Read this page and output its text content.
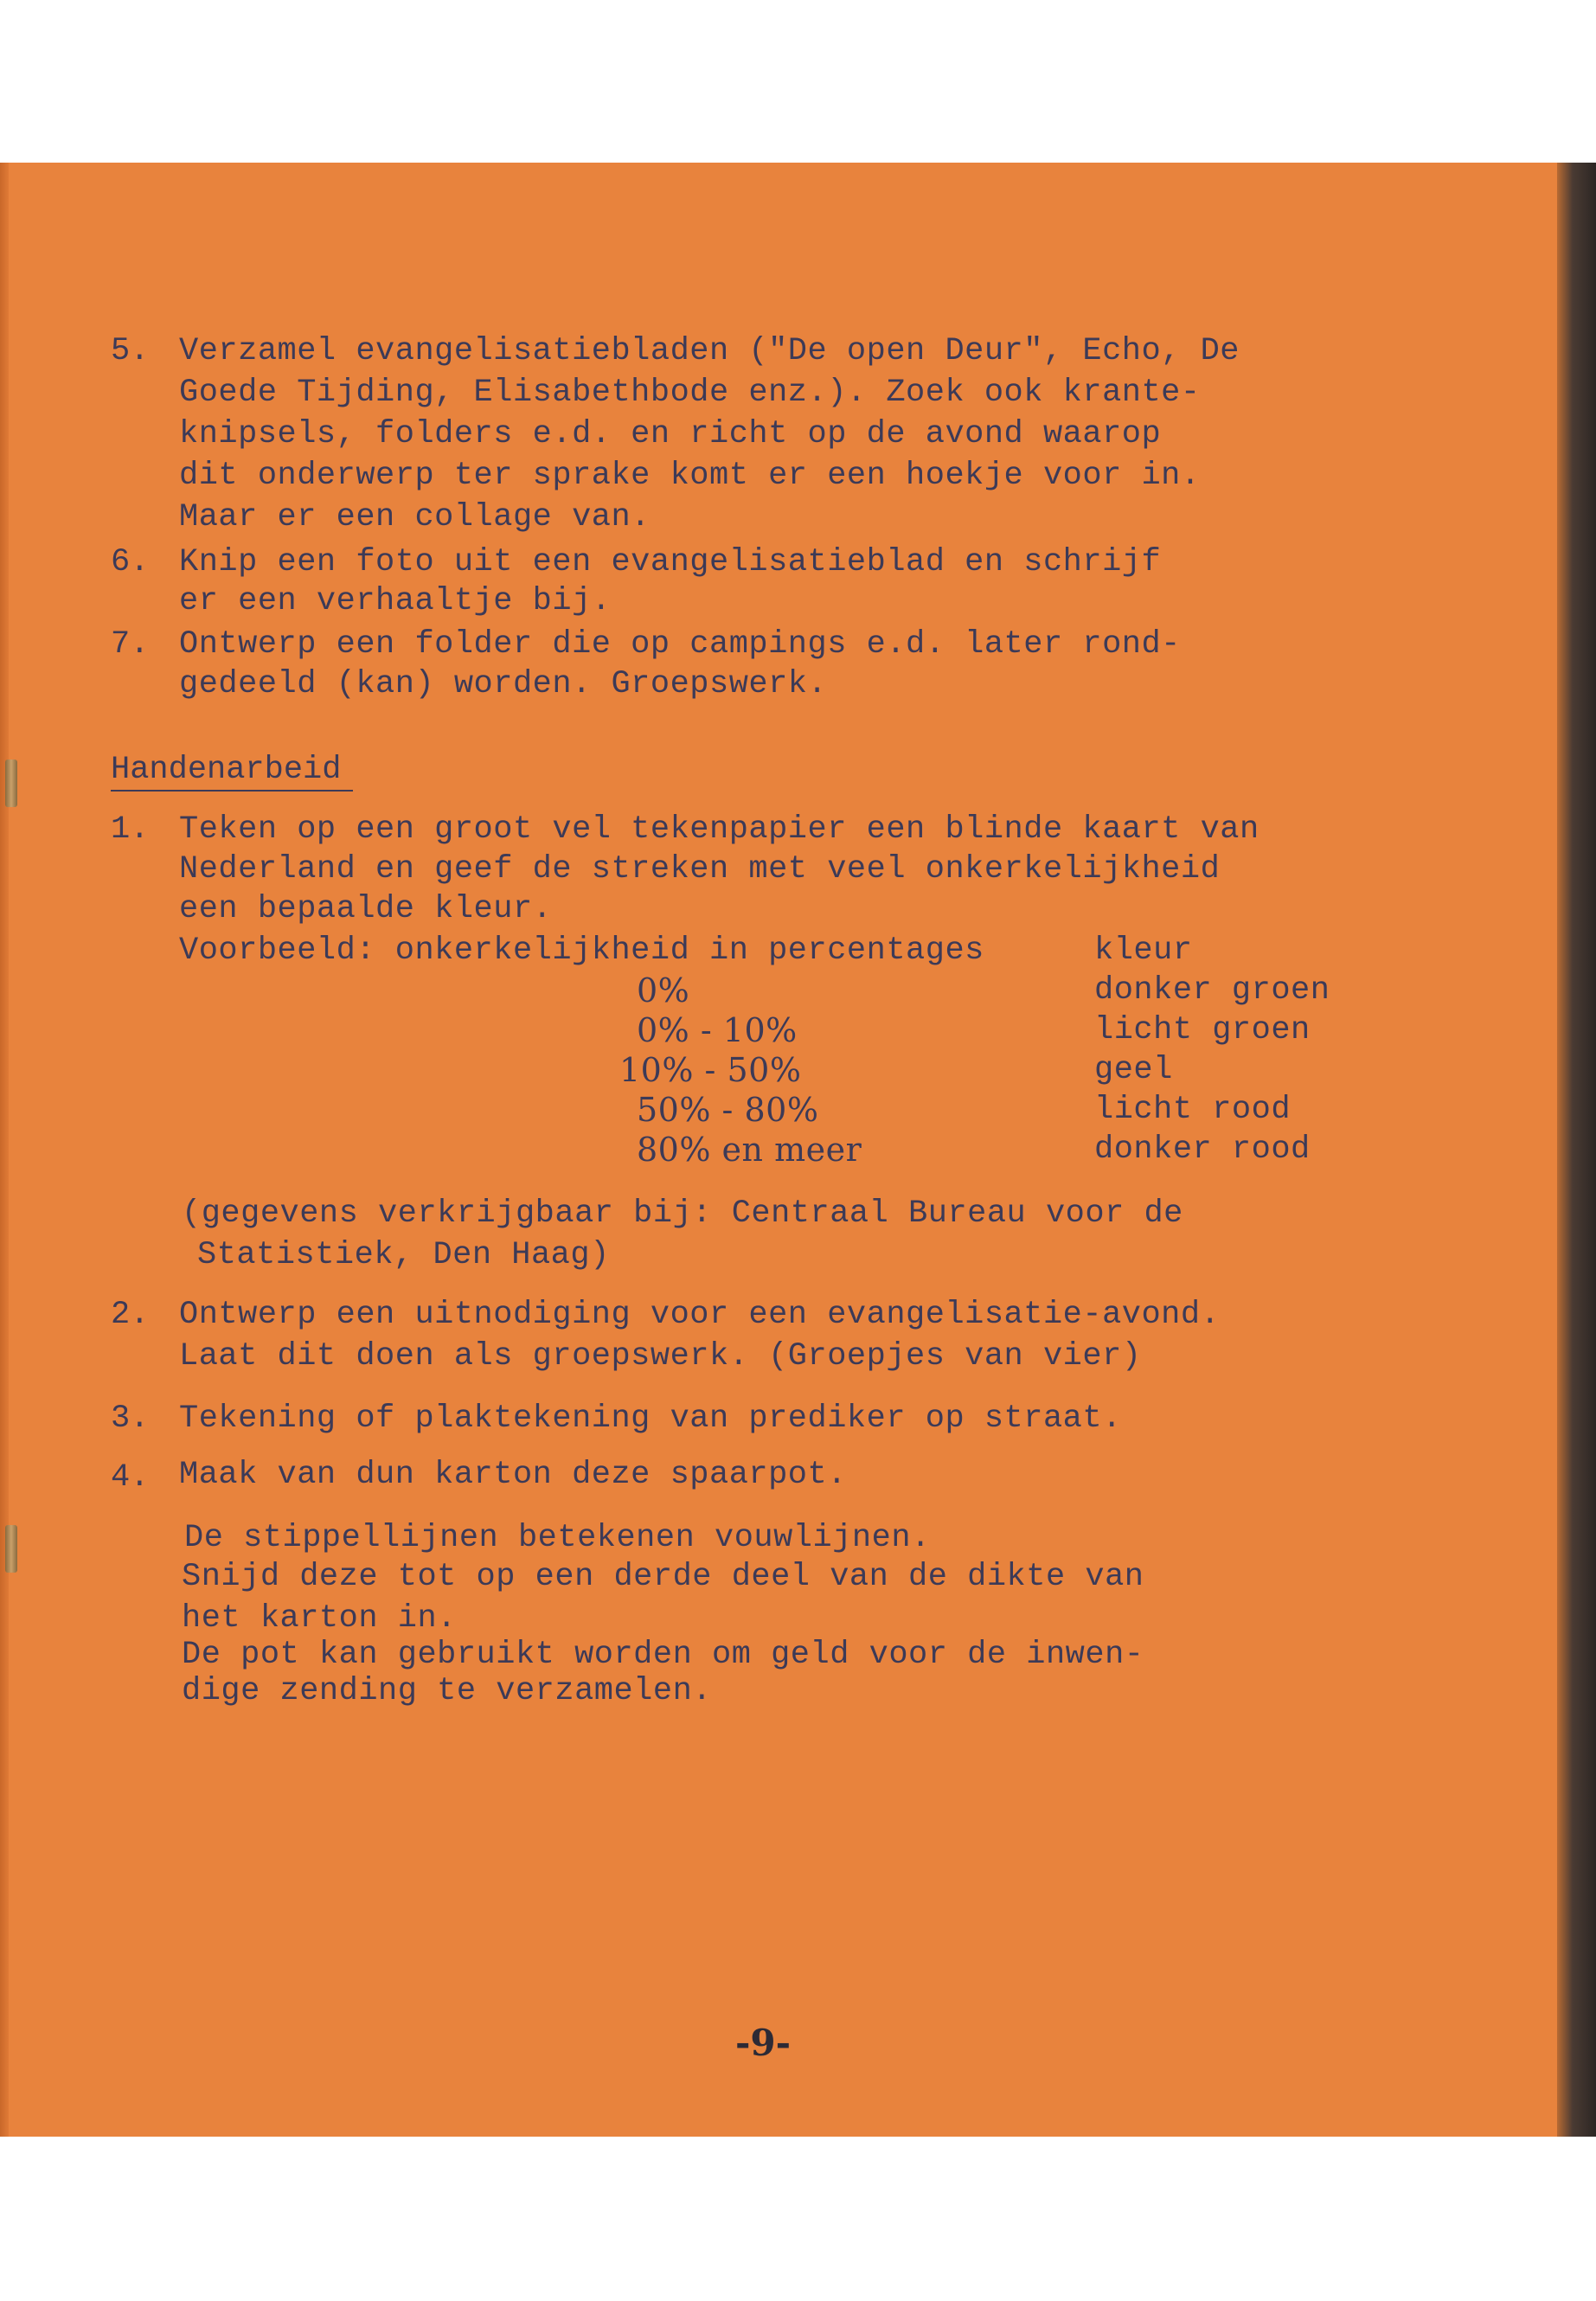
5. Verzamel evangelisatiebladen ("De open Deur", Echo, De
Goede Tijding, Elisabethbode enz.). Zoek ook krante-
knipsels, folders e.d. en richt op de avond waarop
dit onderwerp ter sprake komt er een hoekje voor in.
Maar er een collage van.
6. Knip een foto uit een evangelisatieblad en schrijf
er een verhaaltje bij.
7. Ontwerp een folder die op campings e.d. later rond-
gedeeld (kan) worden. Groepswerk.
Handenarbeid
1. Teken op een groot vel tekenpapier een blinde kaart van
Nederland en geef de streken met veel onkerkelijkheid
een bepaalde kleur.
Voorbeeld: onkerkelijkheid in percentages	kleur
0%	donker groen
0% - 10%	licht groen
10% - 50%	geel
50% - 80%	licht rood
80% en meer	donker rood
(gegevens verkrijgbaar bij: Centraal Bureau voor de
Statistiek, Den Haag)
2. Ontwerp een uitnodiging voor een evangelisatie-avond.
Laat dit doen als groepswerk. (Groepjes van vier)
3. Tekening of plaktekening van prediker op straat.
4. Maak van dun karton deze spaarpot.
De stippellijnen betekenen vouwlijnen.
Snijd deze tot op een derde deel van de dikte van
het karton in.
De pot kan gebruikt worden om geld voor de inwen-
dige zending te verzamelen.
-9-
